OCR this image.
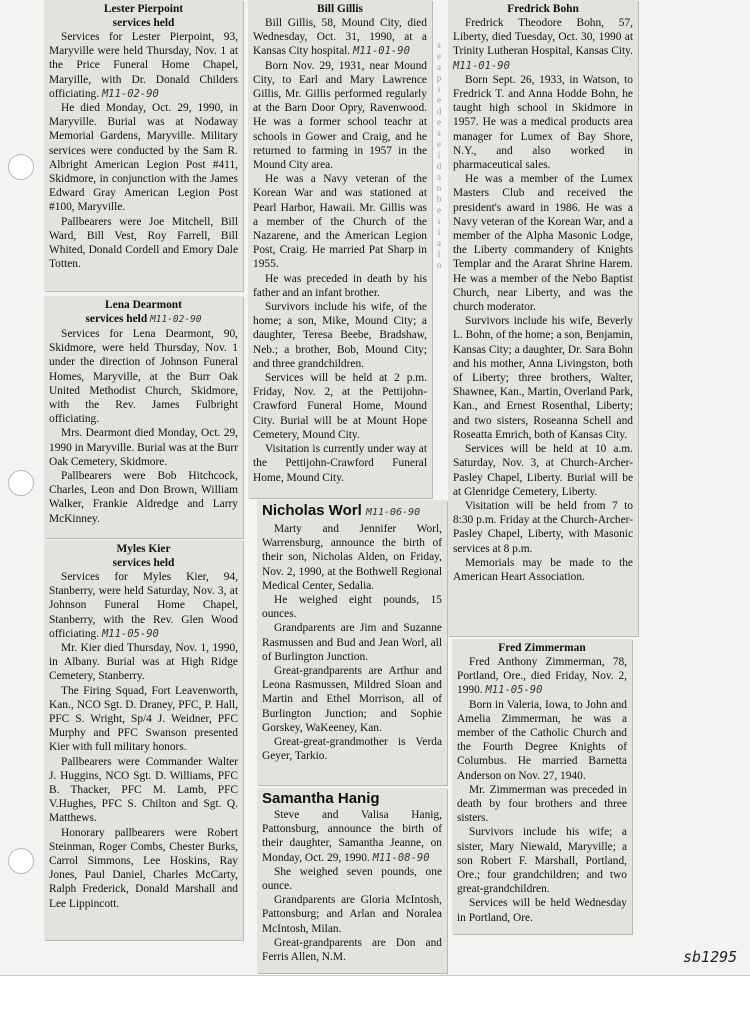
Lester Pierpoint
services held

Services for Lester Pierpoint, 93, Maryville were held Thursday, Nov. 1 at the Price Funeral Home Chapel, Maryille, with Dr. Donald Childers officiating. M11-02-90

He died Monday, Oct. 29, 1990, in Maryville. Burial was at Nodaway Memorial Gardens, Maryville. Military services were conducted by the Sam R. Albright American Legion Post #411, Skidmore, in conjunction with the James Edward Gray American Legion Post #100, Maryville.

Pallbearers were Joe Mitchell, Bill Ward, Bill Vest, Roy Farrell, Bill Whited, Donald Cordell and Emory Dale Totten.

Lena Dearmont
services held M11-02-90

Services for Lena Dearmont, 90, Skidmore, were held Thursday, Nov. 1 under the direction of Johnson Funeral Homes, Maryville, at the Burr Oak United Methodist Church, Skidmore, with the Rev. James Fulbright officiating.

Mrs. Dearmont died Monday, Oct. 29, 1990 in Maryville. Burial was at the Burr Oak Cemetery, Skidmore.

Pallbearers were Bob Hitchcock, Charles, Leon and Don Brown, William Walker, Frankie Aldredge and Larry McKinney.

Myles Kier
services held

Services for Myles Kier, 94, Stanberry, were held Saturday, Nov. 3, at Johnson Funeral Home Chapel, Stanberry, with the Rev. Glen Wood officiating. M11-05-90

Mr. Kier died Thursday, Nov. 1, 1990, in Albany. Burial was at High Ridge Cemetery, Stanberry.

The Firing Squad, Fort Leavenworth, Kan., NCO Sgt. D. Draney, PFC, P. Hall, PFC S. Wright, Sp/4 J. Weidner, PFC Murphy and PFC Swanson presented Kier with full military honors.

Pallbearers were Commander Walter J. Huggins, NCO Sgt. D. Williams, PFC B. Thacker, PFC M. Lamb, PFC V.Hughes, PFC S. Chilton and Sgt. Q. Matthews.

Honorary pallbearers were Robert Steinman, Roger Combs, Chester Burks, Carrol Simmons, Lee Hoskins, Ray Jones, Paul Daniel, Charles McCarty, Ralph Frederick, Donald Marshall and Lee Lippincott.

Bill Gillis

Bill Gillis, 58, Mound City, died Wednesday, Oct. 31, 1990, at a Kansas City hospital. M11-01-90

Born Nov. 29, 1931, near Mound City, to Earl and Mary Lawrence Gillis, Mr. Gillis performed regularly at the Barn Door Opry, Ravenwood. He was a former school teachr at schools in Gower and Craig, and he returned to farming in 1957 in the Mound City area.

He was a Navy veteran of the Korean War and was stationed at Pearl Harbor, Hawaii. Mr. Gillis was a member of the Church of the Nazarene, and the American Legion Post, Craig. He married Pat Sharp in 1955.

He was preceded in death by his father and an infant brother.

Survivors include his wife, of the home; a son, Mike, Mound City; a daughter, Teresa Beebe, Bradshaw, Neb.; a brother, Bob, Mound City; and three grandchildren.

Services will be held at 2 p.m. Friday, Nov. 2, at the Pettijohn-Crawford Funeral Home, Mound City. Burial will be at Mount Hope Cemetery, Mound City.

Visitation is currently under way at the Pettijohn-Crawford Funeral Home, Mound City.

s
e
a
p
i
e
d
e
s
e
i
d
a
n
b
e
i
i
a
l
o
Nicholas Worl M11-06-90

Marty and Jennifer Worl, Warrensburg, announce the birth of their son, Nicholas Alden, on Friday, Nov. 2, 1990, at the Bothwell Regional Medical Center, Sedalia.

He weighed eight pounds, 15 ounces.

Grandparents are Jim and Suzanne Rasmussen and Bud and Jean Worl, all of Burlington Junction.

Great-grandparents are Arthur and Leona Rasmussen, Mildred Sloan and Martin and Ethel Morrison, all of Burlington Junction; and Sophie Gorskey, WaKeeney, Kan.

Great-great-grandmother is Verda Geyer, Tarkio.

Samantha Hanig

Steve and Valisa Hanig, Pattonsburg, announce the birth of their daughter, Samantha Jeanne, on Monday, Oct. 29, 1990. M11-08-90

She weighed seven pounds, one ounce.

Grandparents are Gloria McIntosh, Pattonsburg; and Arlan and Noralea McIntosh, Milan.

Great-grandparents are Don and Ferris Allen, N.M.

Fredrick Bohn

Fredrick Theodore Bohn, 57, Liberty, died Tuesday, Oct. 30, 1990 at Trinity Lutheran Hospital, Kansas City. M11-01-90

Born Sept. 26, 1933, in Watson, to Fredrick T. and Anna Hodde Bohn, he taught high school in Skidmore in 1957. He was a medical products area manager for Lumex of Bay Shore, N.Y., and also worked in pharmaceutical sales.

He was a member of the Lumex Masters Club and received the president's award in 1986. He was a Navy veteran of the Korean War, and a member of the Alpha Masonic Lodge, the Liberty commandery of Knights Templar and the Ararat Shrine Harem. He was a member of the Nebo Baptist Church, near Liberty, and was the church moderator.

Survivors include his wife, Beverly L. Bohn, of the home; a son, Benjamin, Kansas City; a daughter, Dr. Sara Bohn and his mother, Anna Livingston, both of Liberty; three brothers, Walter, Shawnee, Kan., Martin, Overland Park, Kan., and Ernest Rosenthal, Liberty; and two sisters, Roseanna Schell and Roseatta Emrich, both of Kansas City.

Services will be held at 10 a.m. Saturday, Nov. 3, at Church-Archer-Pasley Chapel, Liberty. Burial will be at Glenridge Cemetery, Liberty.

Visitation will be held from 7 to 8:30 p.m. Friday at the Church-Archer-Pasley Chapel, Liberty, with Masonic services at 8 p.m.

Memorials may be made to the American Heart Association.

Fred Zimmerman

Fred Anthony Zimmerman, 78, Portland, Ore., died Friday, Nov. 2, 1990. M11-05-90

Born in Valeria, Iowa, to John and Amelia Zimmerman, he was a member of the Catholic Church and the Fourth Degree Knights of Columbus. He married Barnetta Anderson on Nov. 27, 1940.

Mr. Zimmerman was preceded in death by four brothers and three sisters.

Survivors include his wife; a sister, Mary Niewald, Maryville; a son Robert F. Marshall, Portland, Ore.; four grandchildren; and two great-grandchildren.

Services will be held Wednesday in Portland, Ore.

sb1295
